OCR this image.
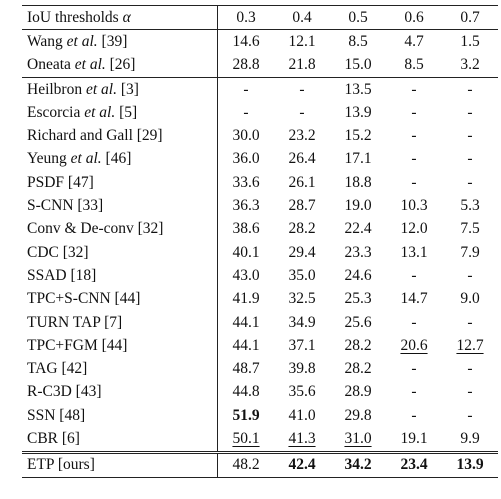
IoU thresholds α	0.3	0.4	0.5	0.6	0.7
Wang et al. [39]	14.6	12.1	8.5	4.7	1.5
Oneata et al. [26]	28.8	21.8	15.0	8.5	3.2
Heilbron et al. [3]	-	-	13.5	-	-
Escorcia et al. [5]	-	-	13.9	-	-
Richard and Gall [29]	30.0	23.2	15.2	-	-
Yeung et al. [46]	36.0	26.4	17.1	-	-
PSDF [47]	33.6	26.1	18.8	-	-
S-CNN [33]	36.3	28.7	19.0	10.3	5.3
Conv & De-conv [32]	38.6	28.2	22.4	12.0	7.5
CDC [32]	40.1	29.4	23.3	13.1	7.9
SSAD [18]	43.0	35.0	24.6	-	-
TPC+S-CNN [44]	41.9	32.5	25.3	14.7	9.0
TURN TAP [7]	44.1	34.9	25.6	-	-
TPC+FGM [44]	44.1	37.1	28.2	20.6	12.7
TAG [42]	48.7	39.8	28.2	-	-
R-C3D [43]	44.8	35.6	28.9	-	-
SSN [48]	51.9	41.0	29.8	-	-
CBR [6]	50.1	41.3	31.0	19.1	9.9
ETP [ours]	48.2	42.4	34.2	23.4	13.9
